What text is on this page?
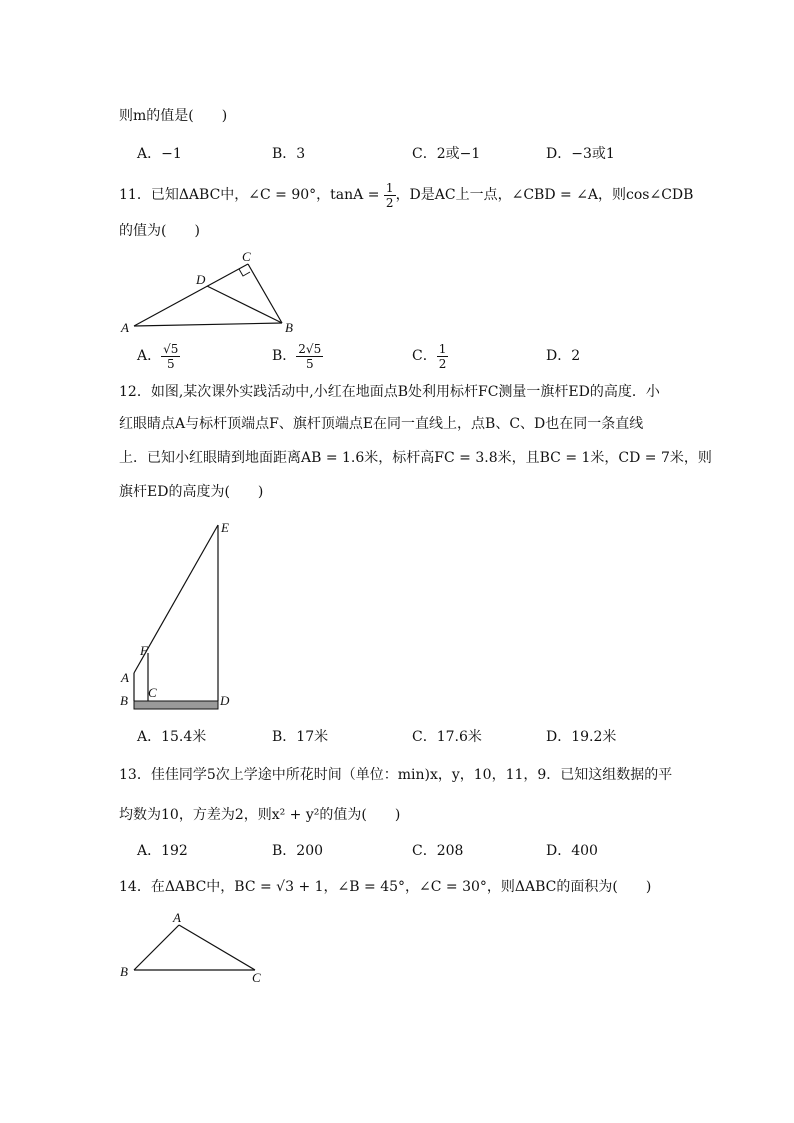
则m的值是(　　)
A．−1	B．3	C．2或−1	D．−3或1
11．已知ΔABC中，∠C = 90°，$\tan A = \frac{1}{2}$ ，D是AC上一点，∠CBD = ∠A，则cos∠CDB
的值为(　　)
A	B
C
D
A． $\frac{√5}{5}$	B． $\frac{2√5}{5}$	C． $\frac{1}{2}$	D．2
12．如图,某次课外实践活动中,小红在地面点B处利用标杆FC测量一旗杆ED的高度．小
红眼睛点A与标杆顶端点F、旗杆顶端点E在同一直线上，点B、C、D也在同一条直线
上．已知小红眼睛到地面距离AB = 1.6米，标杆高FC = 3.8米，且BC = 1米，CD = 7米，则
旗杆ED的高度为(　　)
E
F
A
B
C
D
A．15.4米	B．17米	C．17.6米	D．19.2米
13．佳佳同学5次上学途中所花时间（单位：min)x，y，10，11，9．已知这组数据的平
均数为10，方差为2，则x² + y²的值为(　　)
A．192	B．200	C．208	D．400
14．在ΔABC中，BC = √3 + 1，∠B = 45°，∠C = 30°，则ΔABC的面积为(　　)
A
B	C
